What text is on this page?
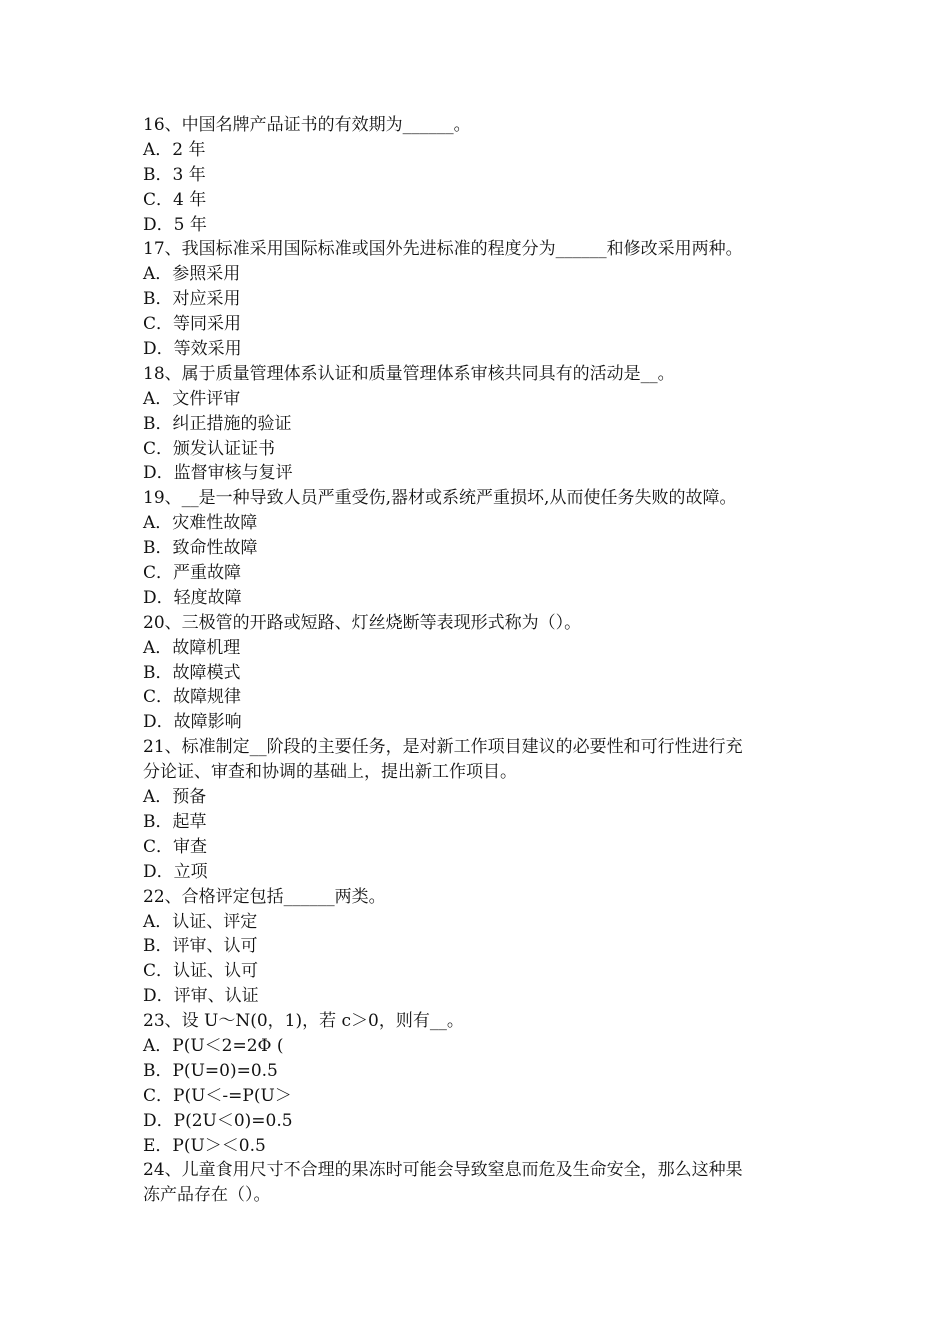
16、中国名牌产品证书的有效期为______。
A．2 年
B．3 年
C．4 年
D．5 年
17、我国标准采用国际标准或国外先进标准的程度分为______和修改采用两种。
A．参照采用
B．对应采用
C．等同采用
D．等效采用
18、属于质量管理体系认证和质量管理体系审核共同具有的活动是__。
A．文件评审
B．纠正措施的验证
C．颁发认证证书
D．监督审核与复评
19、__是一种导致人员严重受伤,器材或系统严重损坏,从而使任务失败的故障。
A．灾难性故障
B．致命性故障
C．严重故障
D．轻度故障
20、三极管的开路或短路、灯丝烧断等表现形式称为（）。
A．故障机理
B．故障模式
C．故障规律
D．故障影响
21、标准制定__阶段的主要任务，是对新工作项目建议的必要性和可行性进行充
分论证、审查和协调的基础上，提出新工作项目。
A．预备
B．起草
C．审查
D．立项
22、合格评定包括______两类。
A．认证、评定
B．评审、认可
C．认证、认可
D．评审、认证
23、设 U～N(0，1)，若 c＞0，则有__。
A．P(U＜2=2Φ (
B．P(U=0)=0.5
C．P(U＜-=P(U＞
D．P(2U＜0)=0.5
E．P(U＞＜0.5
24、儿童食用尺寸不合理的果冻时可能会导致窒息而危及生命安全，那么这种果
冻产品存在（）。
